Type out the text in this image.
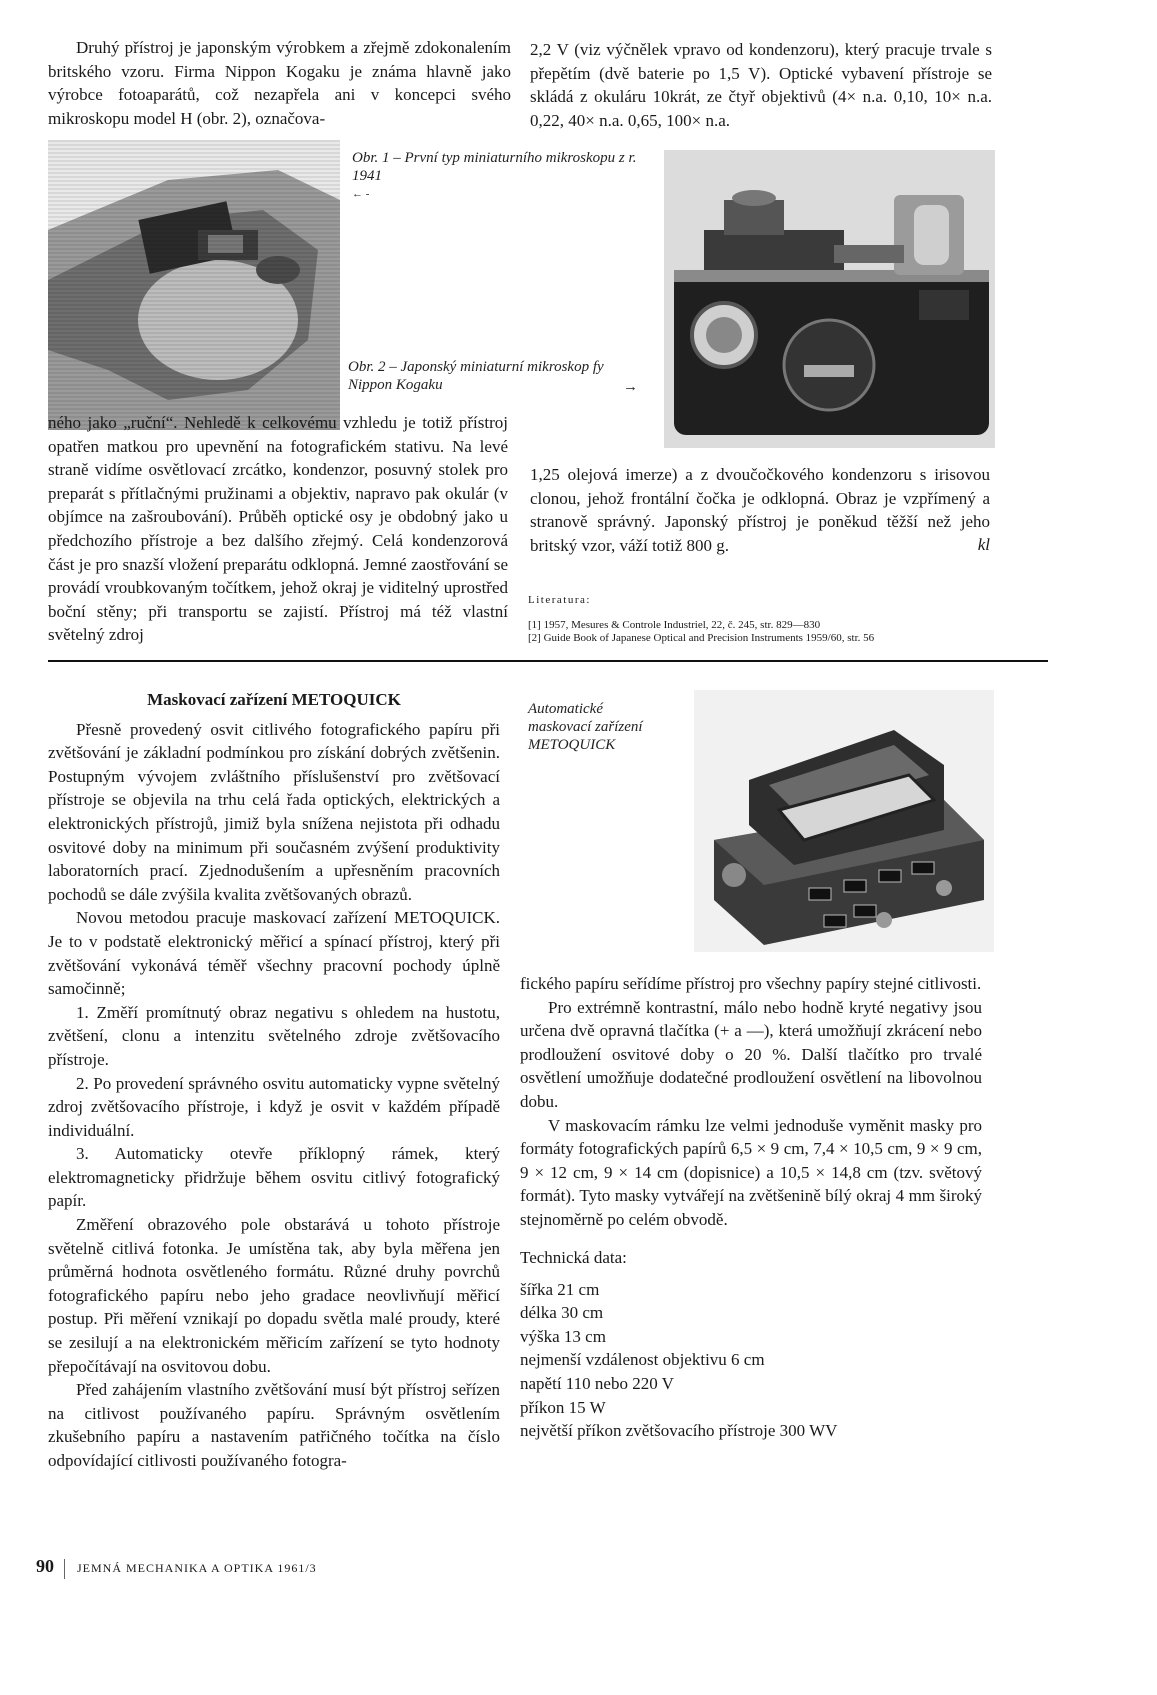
Druhý přístroj je japonským výrobkem a zřejmě zdokonalením britského vzoru. Firma Nippon Kogaku je známa hlavně jako výrobce fotoaparátů, což nezapřela ani v koncepci svého mikroskopu model H (obr. 2), označova-

2,2 V (viz výčnělek vpravo od kondenzoru), který pracuje trvale s přepětím (dvě baterie po 1,5 V). Optické vybavení přístroje se skládá z okuláru 10krát, ze čtyř objektivů (4× n.a. 0,10, 10× n.a. 0,22, 40× n.a. 0,65, 100× n.a.

Obr. 1 – První typ miniaturního mikroskopu z r. 1941
← -
Obr. 2 – Japonský miniaturní mikroskop fy Nippon Kogaku	→

ného jako „ruční“. Nehledě k celkovému vzhledu je totiž přístroj opatřen matkou pro upevnění na fotografickém stativu. Na levé straně vidíme osvětlovací zrcátko, kondenzor, posuvný stolek pro preparát s přítlačnými pružinami a objektiv, napravo pak okulár (v objímce na zašroubování). Průběh optické osy je obdobný jako u předchozího přístroje a bez dalšího zřejmý. Celá kondenzorová část je pro snazší vložení preparátu odklopná. Jemné zaostřování se provádí vroubkovaným točítkem, jehož okraj je viditelný uprostřed boční stěny; při transportu se zajistí. Přístroj má též vlastní světelný zdroj

1,25 olejová imerze) a z dvoučočkového kondenzoru s irisovou clonou, jehož frontální čočka je odklopná. Obraz je vzpřímený a stranově správný. Japonský přístroj je poněkud těžší než jeho britský vzor, váží totiž 800 g.	kl
Literatura:
[1] 1957, Mesures & Controle Industriel, 22, č. 245, str. 829—830
[2] Guide Book of Japanese Optical and Precision Instruments 1959/60, str. 56
Maskovací zařízení METOQUICK

Přesně provedený osvit citlivého fotografického papíru při zvětšování je základní podmínkou pro získání dobrých zvětšenin. Postupným vývojem zvláštního příslušenství pro zvětšovací přístroje se objevila na trhu celá řada optických, elektrických a elektronických přístrojů, jimiž byla snížena nejistota při odhadu osvitové doby na minimum při současném zvýšení produktivity laboratorních prací. Zjednodušením a upřesněním pracovních pochodů se dále zvýšila kvalita zvětšovaných obrazů.

Novou metodou pracuje maskovací zařízení METOQUICK. Je to v podstatě elektronický měřicí a spínací přístroj, který při zvětšování vykonává téměř všechny pracovní pochody úplně samočinně;

1. Změří promítnutý obraz negativu s ohledem na hustotu, zvětšení, clonu a intenzitu světelného zdroje zvětšovacího přístroje.

2. Po provedení správného osvitu automaticky vypne světelný zdroj zvětšovacího přístroje, i když je osvit v každém případě individuální.

3. Automaticky otevře příklopný rámek, který elektromagneticky přidržuje během osvitu citlivý fotografický papír.

Změření obrazového pole obstarává u tohoto přístroje světelně citlivá fotonka. Je umístěna tak, aby byla měřena jen průměrná hodnota osvětleného formátu. Různé druhy povrchů fotografického papíru nebo jeho gradace neovlivňují měřicí postup. Při měření vznikají po dopadu světla malé proudy, které se zesilují a na elektronickém měřicím zařízení se tyto hodnoty přepočítávají na osvitovou dobu.

Před zahájením vlastního zvětšování musí být přístroj seřízen na citlivost používaného papíru. Správným osvětlením zkušebního papíru a nastavením patřičného točítka na číslo odpovídající citlivosti používaného fotogra-

Automatické maskovací zařízení METOQUICK

fického papíru seřídíme přístroj pro všechny papíry stejné citlivosti.

Pro extrémně kontrastní, málo nebo hodně kryté negativy jsou určena dvě opravná tlačítka (+ a —), která umožňují zkrácení nebo prodloužení osvitové doby o 20 %. Další tlačítko pro trvalé osvětlení umožňuje dodatečné prodloužení osvětlení na libovolnou dobu.

V maskovacím rámku lze velmi jednoduše vyměnit masky pro formáty fotografických papírů 6,5 × 9 cm, 7,4 × 10,5 cm, 9 × 9 cm, 9 × 12 cm, 9 × 14 cm (dopisnice) a 10,5 × 14,8 cm (tzv. světový formát). Tyto masky vytvářejí na zvětšenině bílý okraj 4 mm široký stejnoměrně po celém obvodě.

Technická data:
šířka 21 cm
délka 30 cm
výška 13 cm
nejmenší vzdálenost objektivu 6 cm
napětí 110 nebo 220 V
příkon 15 W
největší příkon zvětšovacího přístroje 300 WV
90 JEMNÁ MECHANIKA A OPTIKA 1961/3
